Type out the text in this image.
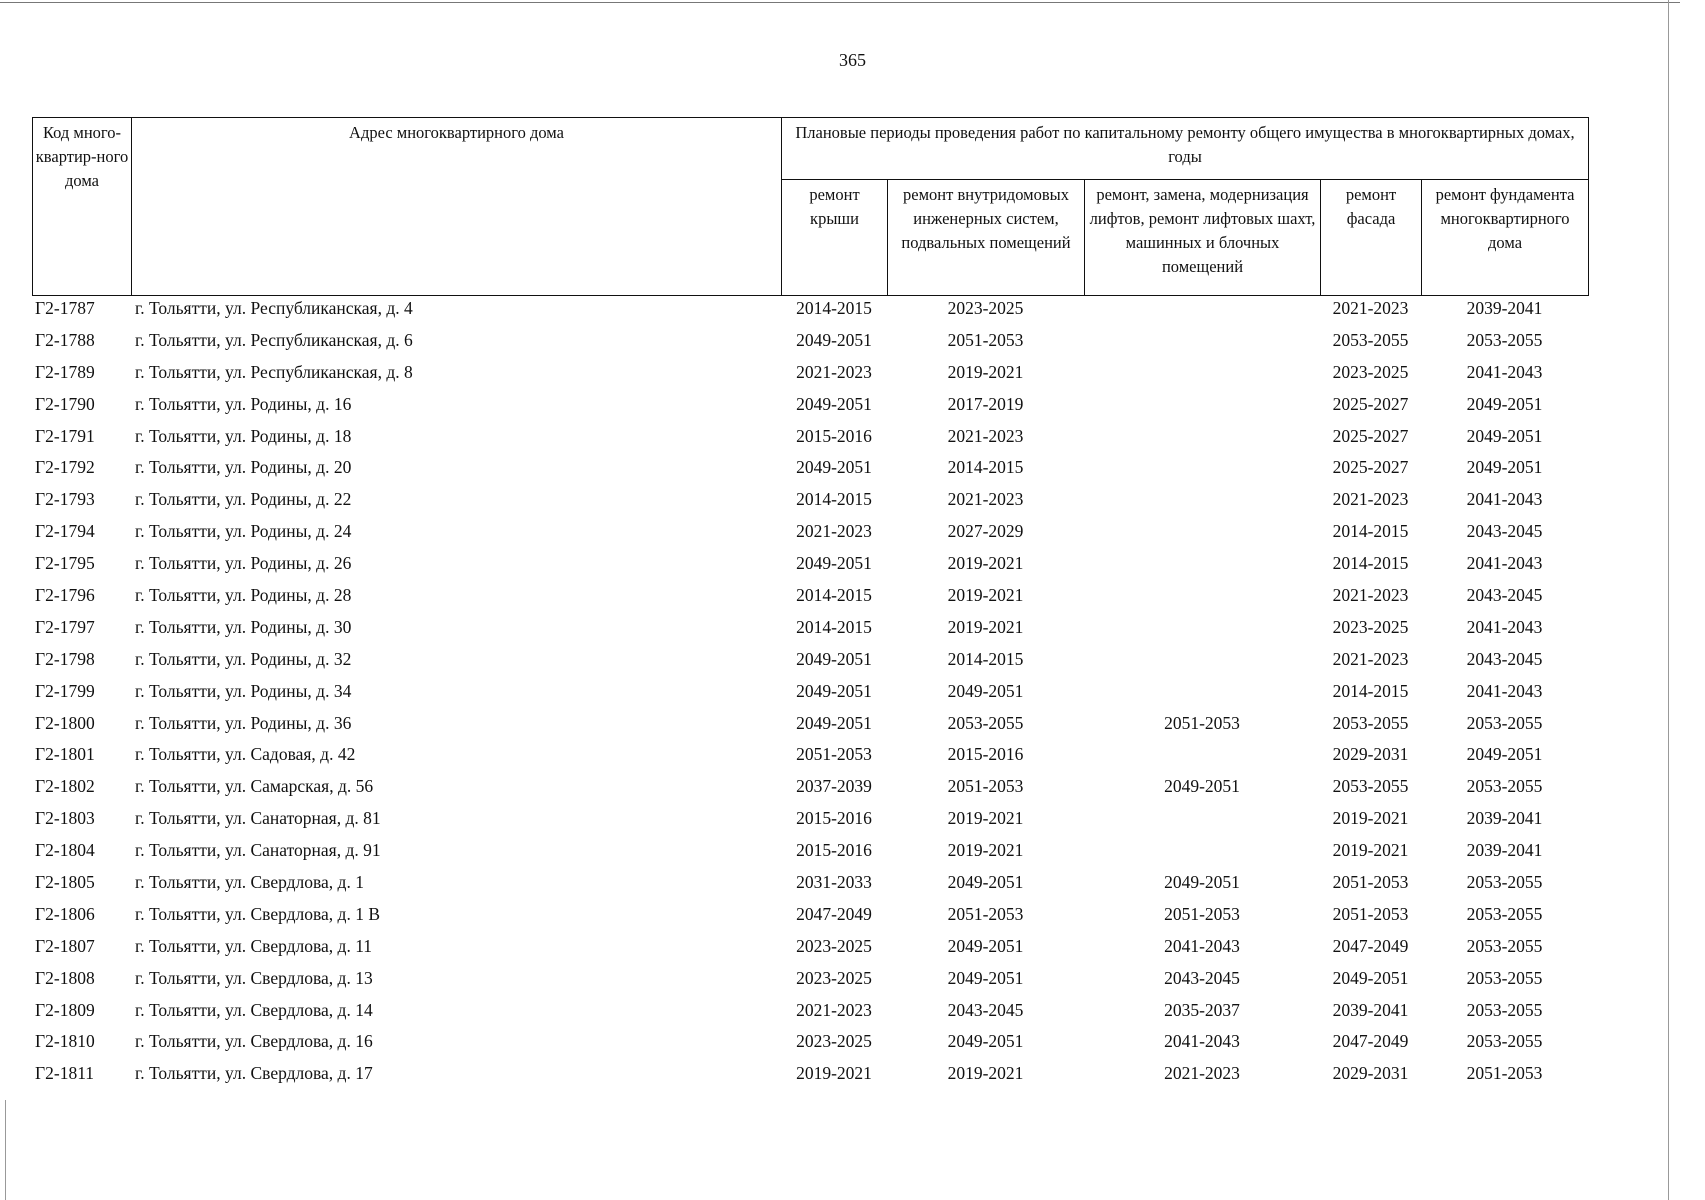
365
Код много-квартир-ного дома	Адрес многоквартирного дома	Плановые периоды проведения работ по капитальному ремонту общего имущества в многоквартирных домах, годы				
		ремонт крыши	ремонт внутридомовых инженерных систем, подвальных помещений	ремонт, замена, модернизация лифтов, ремонт лифтовых шахт, машинных и блочных помещений	ремонт фасада	ремонт фундамента многоквартирного дома
Г2-1787	г. Тольятти, ул. Республиканская, д. 4	2014-2015	2023-2025		2021-2023	2039-2041
Г2-1788	г. Тольятти, ул. Республиканская, д. 6	2049-2051	2051-2053		2053-2055	2053-2055
Г2-1789	г. Тольятти, ул. Республиканская, д. 8	2021-2023	2019-2021		2023-2025	2041-2043
Г2-1790	г. Тольятти, ул. Родины, д. 16	2049-2051	2017-2019		2025-2027	2049-2051
Г2-1791	г. Тольятти, ул. Родины, д. 18	2015-2016	2021-2023		2025-2027	2049-2051
Г2-1792	г. Тольятти, ул. Родины, д. 20	2049-2051	2014-2015		2025-2027	2049-2051
Г2-1793	г. Тольятти, ул. Родины, д. 22	2014-2015	2021-2023		2021-2023	2041-2043
Г2-1794	г. Тольятти, ул. Родины, д. 24	2021-2023	2027-2029		2014-2015	2043-2045
Г2-1795	г. Тольятти, ул. Родины, д. 26	2049-2051	2019-2021		2014-2015	2041-2043
Г2-1796	г. Тольятти, ул. Родины, д. 28	2014-2015	2019-2021		2021-2023	2043-2045
Г2-1797	г. Тольятти, ул. Родины, д. 30	2014-2015	2019-2021		2023-2025	2041-2043
Г2-1798	г. Тольятти, ул. Родины, д. 32	2049-2051	2014-2015		2021-2023	2043-2045
Г2-1799	г. Тольятти, ул. Родины, д. 34	2049-2051	2049-2051		2014-2015	2041-2043
Г2-1800	г. Тольятти, ул. Родины, д. 36	2049-2051	2053-2055	2051-2053	2053-2055	2053-2055
Г2-1801	г. Тольятти, ул. Садовая, д. 42	2051-2053	2015-2016		2029-2031	2049-2051
Г2-1802	г. Тольятти, ул. Самарская, д. 56	2037-2039	2051-2053	2049-2051	2053-2055	2053-2055
Г2-1803	г. Тольятти, ул. Санаторная, д. 81	2015-2016	2019-2021		2019-2021	2039-2041
Г2-1804	г. Тольятти, ул. Санаторная, д. 91	2015-2016	2019-2021		2019-2021	2039-2041
Г2-1805	г. Тольятти, ул. Свердлова, д. 1	2031-2033	2049-2051	2049-2051	2051-2053	2053-2055
Г2-1806	г. Тольятти, ул. Свердлова, д. 1 В	2047-2049	2051-2053	2051-2053	2051-2053	2053-2055
Г2-1807	г. Тольятти, ул. Свердлова, д. 11	2023-2025	2049-2051	2041-2043	2047-2049	2053-2055
Г2-1808	г. Тольятти, ул. Свердлова, д. 13	2023-2025	2049-2051	2043-2045	2049-2051	2053-2055
Г2-1809	г. Тольятти, ул. Свердлова, д. 14	2021-2023	2043-2045	2035-2037	2039-2041	2053-2055
Г2-1810	г. Тольятти, ул. Свердлова, д. 16	2023-2025	2049-2051	2041-2043	2047-2049	2053-2055
Г2-1811	г. Тольятти, ул. Свердлова, д. 17	2019-2021	2019-2021	2021-2023	2029-2031	2051-2053
